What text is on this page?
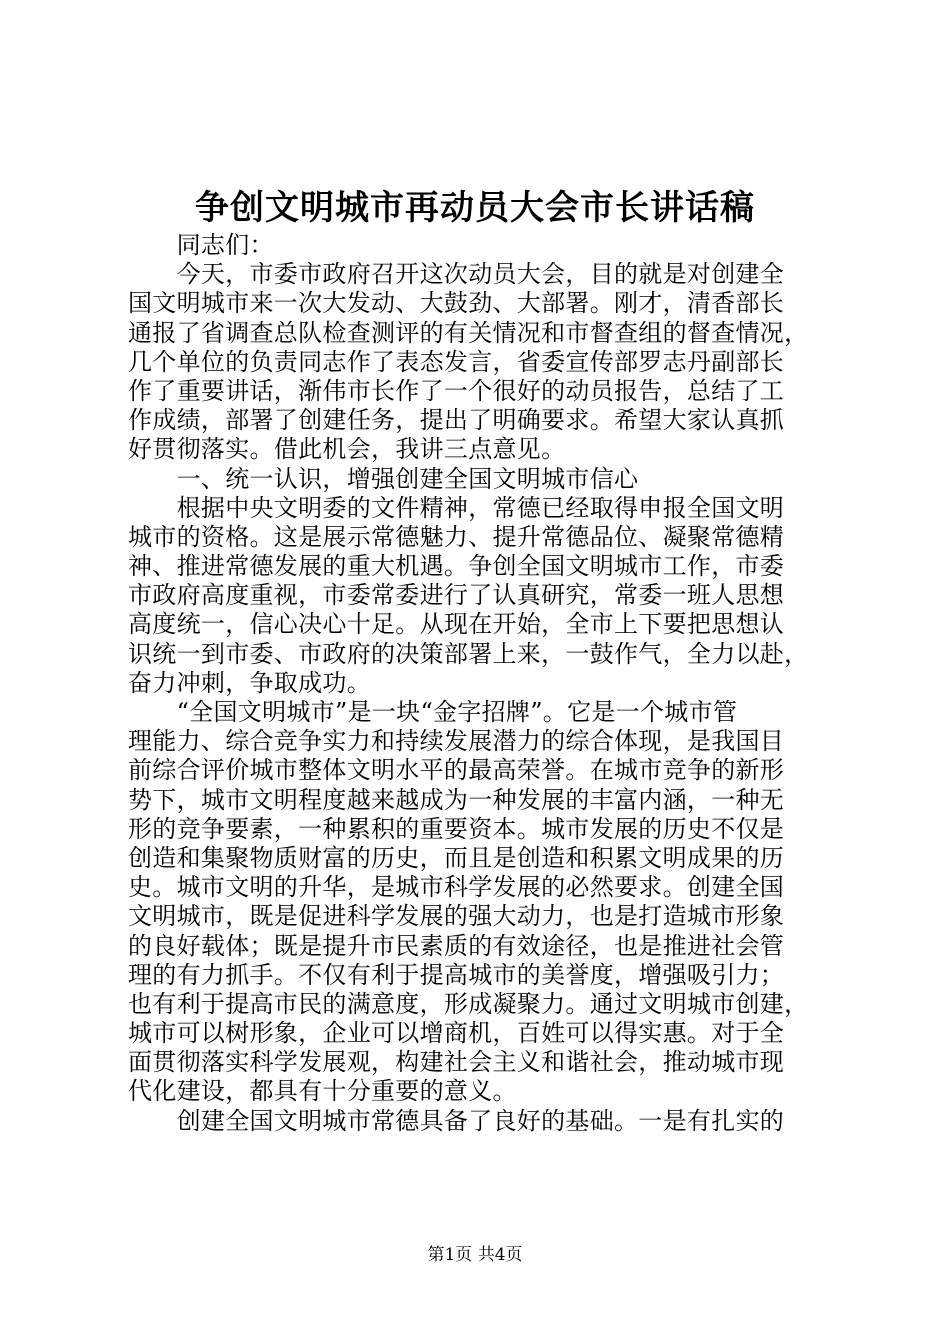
争创文明城市再动员大会市长讲话稿
　　同志们：
　　今天，市委市政府召开这次动员大会，目的就是对创建全
国文明城市来一次大发动、大鼓劲、大部署。刚才，清香部长
通报了省调查总队检查测评的有关情况和市督查组的督查情况，
几个单位的负责同志作了表态发言，省委宣传部罗志丹副部长
作了重要讲话，渐伟市长作了一个很好的动员报告，总结了工
作成绩，部署了创建任务，提出了明确要求。希望大家认真抓
好贯彻落实。借此机会，我讲三点意见。
　　一、统一认识，增强创建全国文明城市信心
　　根据中央文明委的文件精神，常德已经取得申报全国文明
城市的资格。这是展示常德魅力、提升常德品位、凝聚常德精
神、推进常德发展的重大机遇。争创全国文明城市工作，市委
市政府高度重视，市委常委进行了认真研究，常委一班人思想
高度统一，信心决心十足。从现在开始，全市上下要把思想认
识统一到市委、市政府的决策部署上来，一鼓作气，全力以赴，
奋力冲刺，争取成功。
　　“全国文明城市”是一块“金字招牌”。它是一个城市管
理能力、综合竞争实力和持续发展潜力的综合体现，是我国目
前综合评价城市整体文明水平的最高荣誉。在城市竞争的新形
势下，城市文明程度越来越成为一种发展的丰富内涵，一种无
形的竞争要素，一种累积的重要资本。城市发展的历史不仅是
创造和集聚物质财富的历史，而且是创造和积累文明成果的历
史。城市文明的升华，是城市科学发展的必然要求。创建全国
文明城市，既是促进科学发展的强大动力，也是打造城市形象
的良好载体；既是提升市民素质的有效途径，也是推进社会管
理的有力抓手。不仅有利于提高城市的美誉度，增强吸引力；
也有利于提高市民的满意度，形成凝聚力。通过文明城市创建，
城市可以树形象，企业可以增商机，百姓可以得实惠。对于全
面贯彻落实科学发展观，构建社会主义和谐社会，推动城市现
代化建设，都具有十分重要的意义。
　　创建全国文明城市常德具备了良好的基础。一是有扎实的
第1页 共4页
